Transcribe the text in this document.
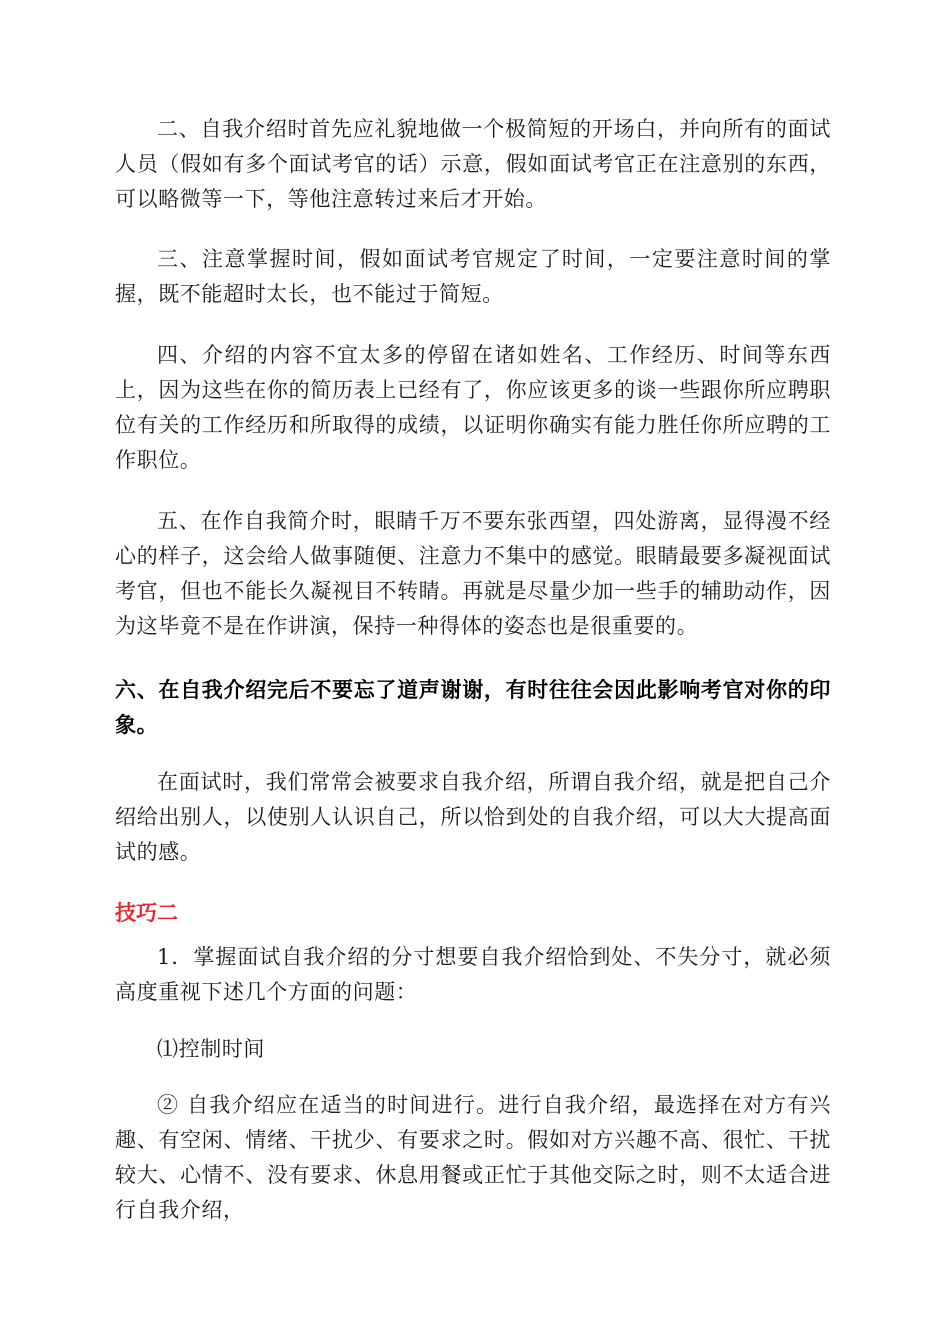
二、自我介绍时首先应礼貌地做一个极简短的开场白，并向所有的面试人员（假如有多个面试考官的话）示意，假如面试考官正在注意别的东西，可以略微等一下，等他注意转过来后才开始。

三、注意掌握时间，假如面试考官规定了时间，一定要注意时间的掌握，既不能超时太长，也不能过于简短。

四、介绍的内容不宜太多的停留在诸如姓名、工作经历、时间等东西上，因为这些在你的简历表上已经有了，你应该更多的谈一些跟你所应聘职位有关的工作经历和所取得的成绩，以证明你确实有能力胜任你所应聘的工作职位。

五、在作自我简介时，眼睛千万不要东张西望，四处游离，显得漫不经心的样子，这会给人做事随便、注意力不集中的感觉。眼睛最要多凝视面试考官，但也不能长久凝视目不转睛。再就是尽量少加一些手的辅助动作，因为这毕竟不是在作讲演，保持一种得体的姿态也是很重要的。

六、在自我介绍完后不要忘了道声谢谢，有时往往会因此影响考官对你的印象。

在面试时，我们常常会被要求自我介绍，所谓自我介绍，就是把自己介绍给出别人，以使别人认识自己，所以恰到处的自我介绍，可以大大提高面试的感。

技巧二

1．掌握面试自我介绍的分寸想要自我介绍恰到处、不失分寸，就必须高度重视下述几个方面的问题：

⑴控制时间

② 自我介绍应在适当的时间进行。进行自我介绍，最选择在对方有兴趣、有空闲、情绪、干扰少、有要求之时。假如对方兴趣不高、很忙、干扰较大、心情不、没有要求、休息用餐或正忙于其他交际之时，则不太适合进行自我介绍，
